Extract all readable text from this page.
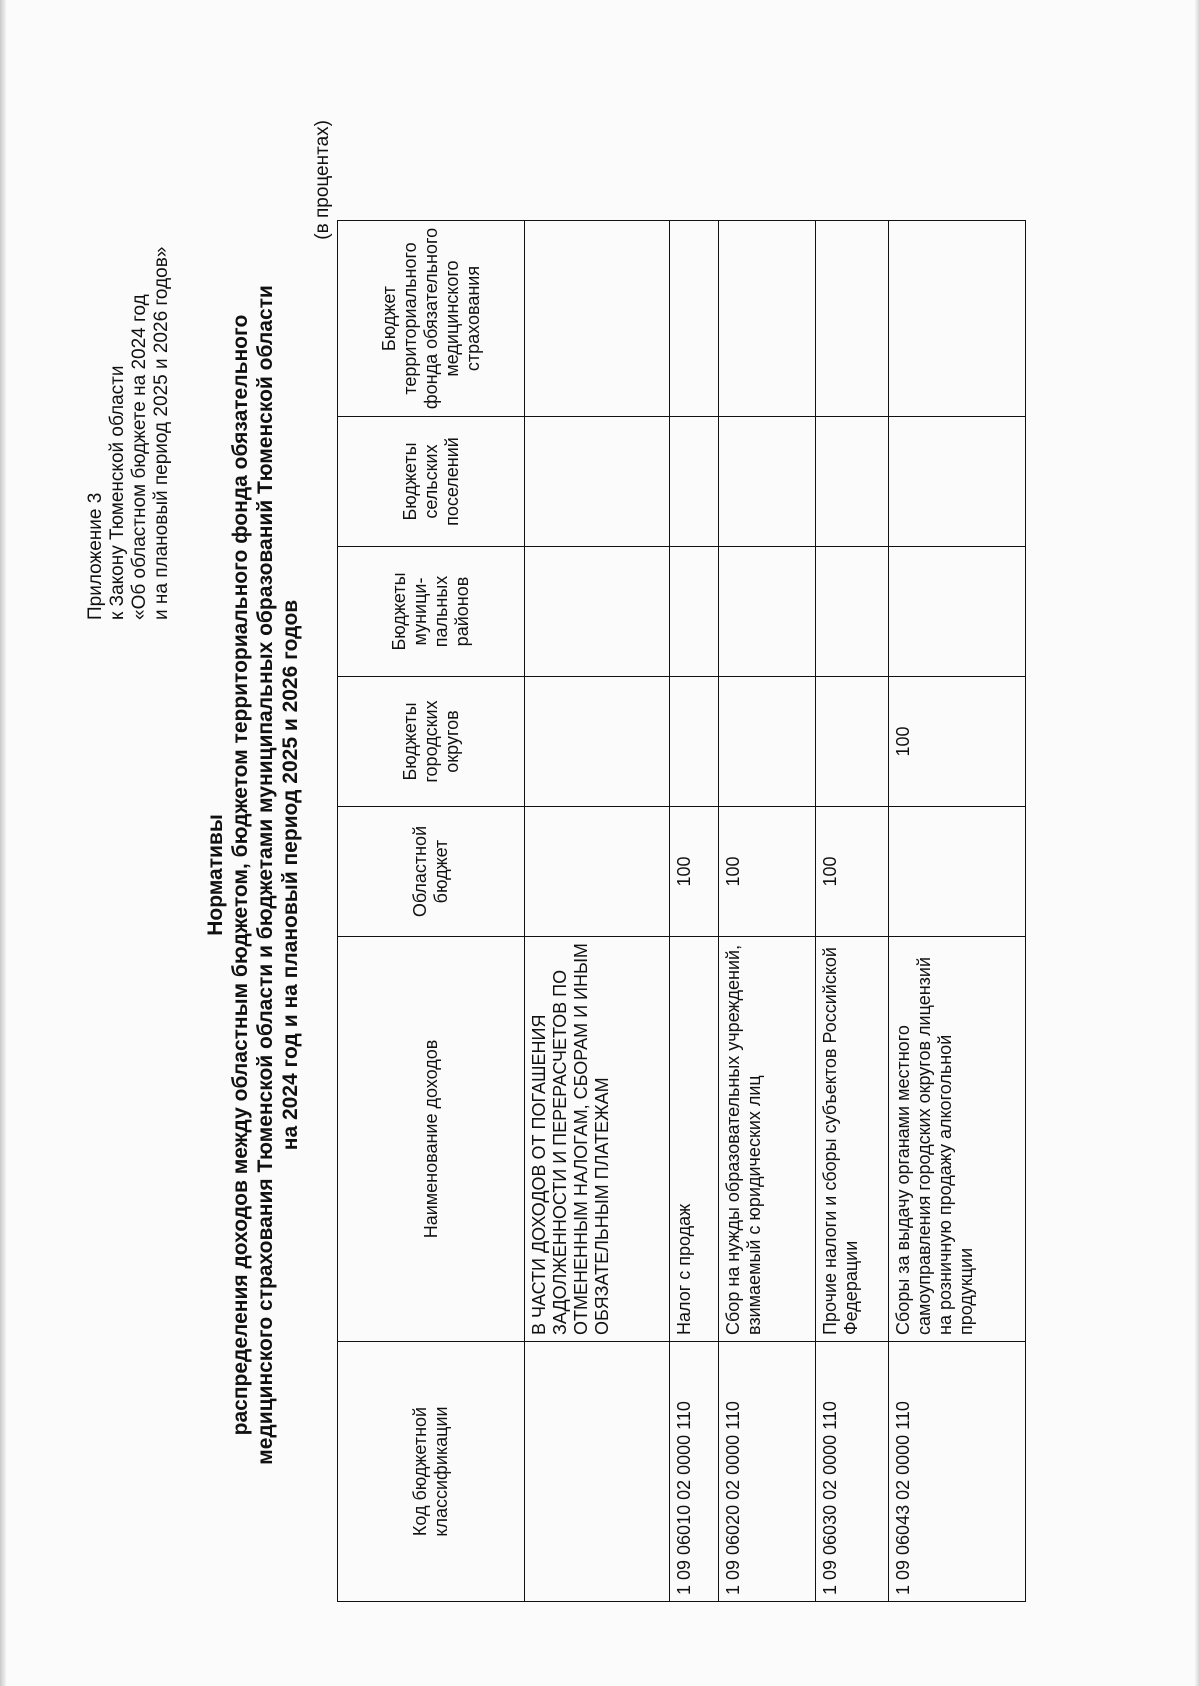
Приложение 3 к Закону Тюменской области «Об областном бюджете на 2024 год и на плановый период 2025 и 2026 годов»
Нормативы распределения доходов между областным бюджетом, бюджетом территориального фонда обязательного медицинского страхования Тюменской области и бюджетами муниципальных образований Тюменской области на 2024 год и на плановый период 2025 и 2026 годов
(в процентах)
Код бюджетной классификации	Наименование доходов	Областной бюджет	Бюджеты городских округов	Бюджеты муници-пальных районов	Бюджеты сельских поселений	Бюджет территориального фонда обязательного медицинского страхования
	В ЧАСТИ ДОХОДОВ ОТ ПОГАШЕНИЯ ЗАДОЛЖЕННОСТИ И ПЕРЕРАСЧЕТОВ ПО ОТМЕНЕННЫМ НАЛОГАМ, СБОРАМ И ИНЫМ ОБЯЗАТЕЛЬНЫМ ПЛАТЕЖАМ					
1 09 06010 02 0000 110	Налог с продаж	100				
1 09 06020 02 0000 110	Сбор на нужды образовательных учреждений, взимаемый с юридических лиц	100				
1 09 06030 02 0000 110	Прочие налоги и сборы субъектов Российской Федерации	100				
1 09 06043 02 0000 110	Сборы за выдачу органами местного самоуправления городских округов лицензий на розничную продажу алкогольной продукции		100			
